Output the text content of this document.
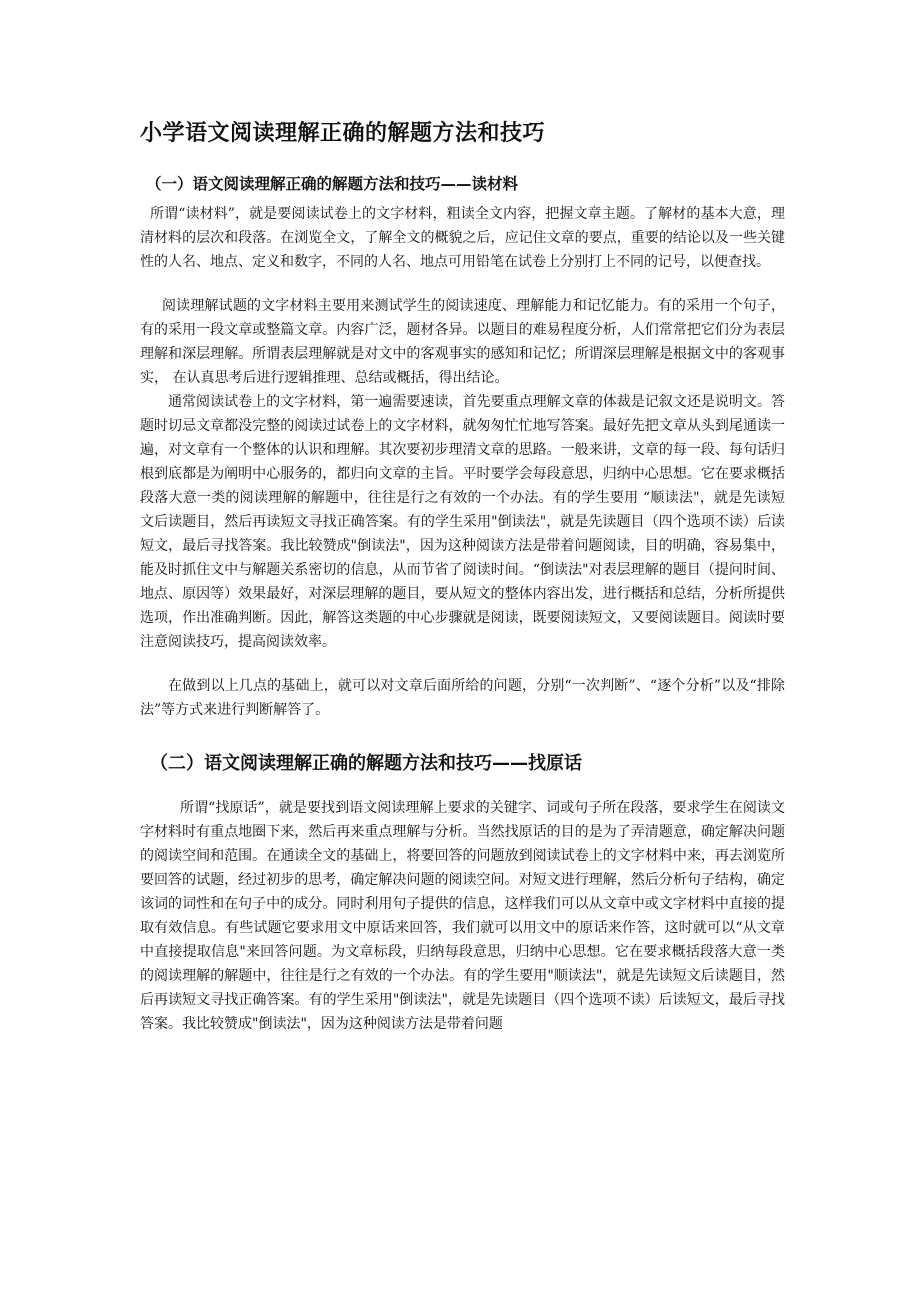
小学语文阅读理解正确的解题方法和技巧
（一）语文阅读理解正确的解题方法和技巧——读材料

所谓“读材料”，就是要阅读试卷上的文字材料，粗读全文内容，把握文章主题。了解材的基本大意，理清材料的层次和段落。在浏览全文，了解全文的概貌之后，应记住文章的要点，重要的结论以及一些关键性的人名、地点、定义和数字，不同的人名、地点可用铅笔在试卷上分别打上不同的记号，以便查找。

阅读理解试题的文字材料主要用来测试学生的阅读速度、理解能力和记忆能力。有的采用一个句子，有的采用一段文章或整篇文章。内容广泛，题材各异。以题目的难易程度分析，人们常常把它们分为表层理解和深层理解。所谓表层理解就是对文中的客观事实的感知和记忆；所谓深层理解是根据文中的客观事实， 在认真思考后进行逻辑推理、总结或概括，得出结论。

通常阅读试卷上的文字材料，第一遍需要速读，首先要重点理解文章的体裁是记叙文还是说明文。答题时切忌文章都没完整的阅读过试卷上的文字材料，就匆匆忙忙地写答案。最好先把文章从头到尾通读一遍，对文章有一个整体的认识和理解。其次要初步理清文章的思路。一般来讲，文章的每一段、每句话归根到底都是为阐明中心服务的，都归向文章的主旨。平时要学会每段意思，归纳中心思想。它在要求概括段落大意一类的阅读理解的解题中，往往是行之有效的一个办法。有的学生要用 “顺读法"，就是先读短文后读题目，然后再读短文寻找正确答案。有的学生采用"倒读法"，就是先读题目（四个选项不读）后读短文，最后寻找答案。我比较赞成"倒读法"，因为这种阅读方法是带着问题阅读，目的明确，容易集中，能及时抓住文中与解题关系密切的信息，从而节省了阅读时间。“倒读法"对表层理解的题目（提问时间、地点、原因等）效果最好，对深层理解的题目，要从短文的整体内容出发，进行概括和总结，分析所提供选项，作出准确判断。因此，解答这类题的中心步骤就是阅读，既要阅读短文，又要阅读题目。阅读时要注意阅读技巧，提高阅读效率。

在做到以上几点的基础上，就可以对文章后面所给的问题，分别“一次判断”、“逐个分析”以及“排除法”等方式来进行判断解答了。

（二）语文阅读理解正确的解题方法和技巧——找原话

所谓“找原话”，就是要找到语文阅读理解上要求的关键字、词或句子所在段落，要求学生在阅读文字材料时有重点地圈下来，然后再来重点理解与分析。当然找原话的目的是为了弄清题意，确定解决问题的阅读空间和范围。在通读全文的基础上，将要回答的问题放到阅读试卷上的文字材料中来，再去浏览所要回答的试题，经过初步的思考，确定解决问题的阅读空间。对短文进行理解，然后分析句子结构，确定该词的词性和在句子中的成分。同时利用句子提供的信息，这样我们可以从文章中或文字材料中直接的提取有效信息。有些试题它要求用文中原话来回答，我们就可以用文中的原话来作答，这时就可以“从文章中直接提取信息"来回答问题。为文章标段，归纳每段意思，归纳中心思想。它在要求概括段落大意一类的阅读理解的解题中，往往是行之有效的一个办法。有的学生要用"顺读法"，就是先读短文后读题目，然后再读短文寻找正确答案。有的学生采用"倒读法"，就是先读题目（四个选项不读）后读短文，最后寻找答案。我比较赞成"倒读法"，因为这种阅读方法是带着问题
